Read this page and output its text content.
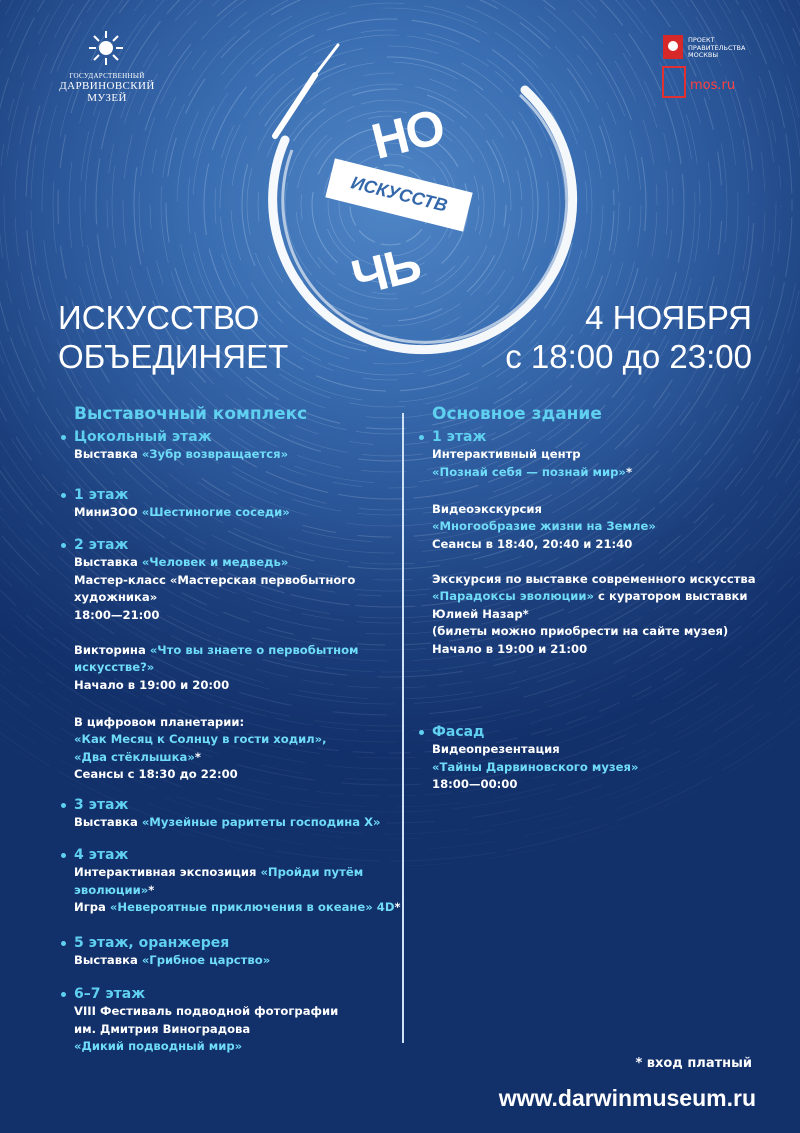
ГОСУДАРСТВЕННЫЙ
ДАРВИНОВСКИЙ
МУЗЕЙ
ПРОЕКТ
ПРАВИТЕЛЬСТВА
МОСКВЫ
mos.ru
НО
ИСКУССТВ
ЧЬ
ИСКУССТВО
ОБЪЕДИНЯЕТ
4 НОЯБРЯ
с 18:00 до 23:00
Выставочный комплекс
Цокольный этаж
Выставка «Зубр возвращается»
1 этаж
МиниЗОО «Шестиногие соседи»
2 этаж
Выставка «Человек и медведь»
Мастер-класс «Мастерская первобытного
художника»
18:00—21:00
Викторина «Что вы знаете о первобытном
искусстве?»
Начало в 19:00 и 20:00
В цифровом планетарии:
«Как Месяц к Солнцу в гости ходил»,
«Два стёклышка»*
Сеансы с 18:30 до 22:00
3 этаж
Выставка «Музейные раритеты господина Х»
4 этаж
Интерактивная экспозиция «Пройди путём
эволюции»*
Игра «Невероятные приключения в океане» 4D*
5 этаж, оранжерея
Выставка «Грибное царство»
6–7 этаж
VIII Фестиваль подводной фотографии
им. Дмитрия Виноградова
«Дикий подводный мир»
Основное здание
1 этаж
Интерактивный центр
«Познай себя — познай мир»*
Видеоэкскурсия
«Многообразие жизни на Земле»
Сеансы в 18:40, 20:40 и 21:40
Экскурсия по выставке современного искусства
«Парадоксы эволюции» с куратором выставки
Юлией Назар*
(билеты можно приобрести на сайте музея)
Начало в 19:00 и 21:00
Фасад
Видеопрезентация
«Тайны Дарвиновского музея»
18:00—00:00
* вход платный
www.darwinmuseum.ru
